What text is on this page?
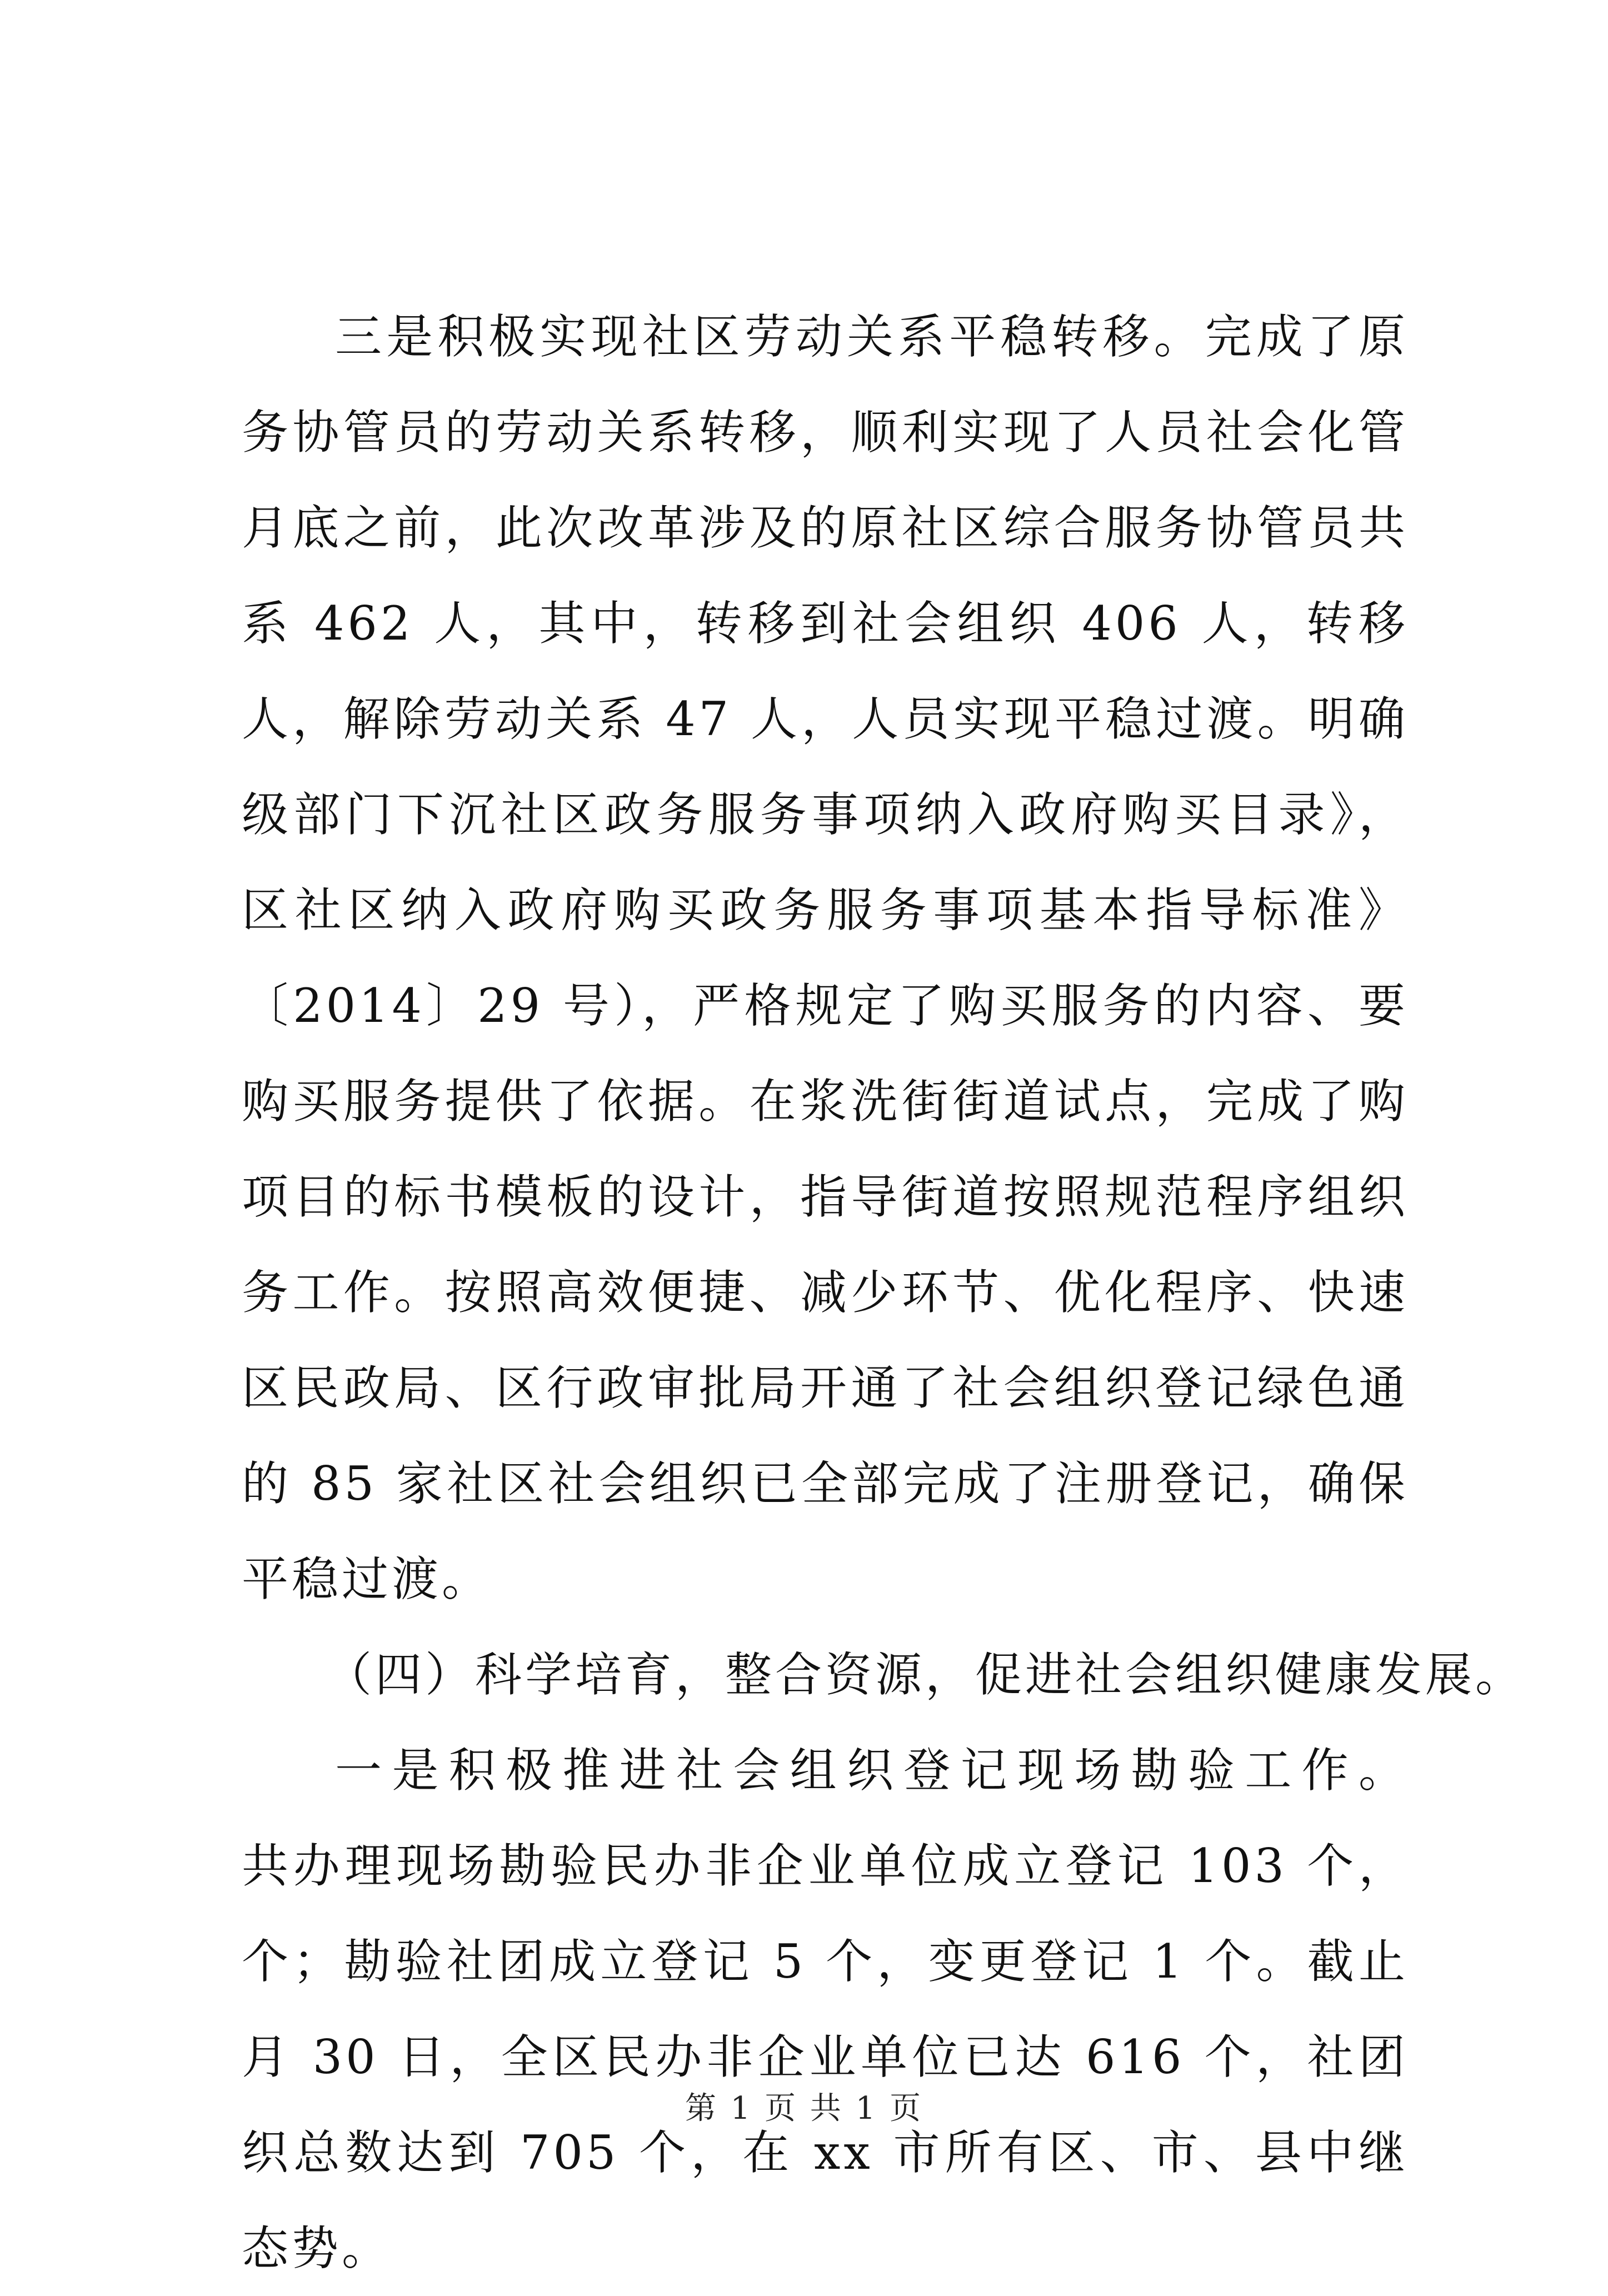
三是积极实现社区劳动关系平稳转移。完成了原
务协管员的劳动关系转移，顺利实现了人员社会化管
月底之前，此次改革涉及的原社区综合服务协管员共
系 462 人，其中，转移到社会组织 406 人，转移
人，解除劳动关系 47 人，人员实现平稳过渡。明确
级部门下沉社区政务服务事项纳入政府购买目录》，
区社区纳入政府购买政务服务事项基本指导标准》
〔2014〕29 号），严格规定了购买服务的内容、要
购买服务提供了依据。在浆洗街街道试点，完成了购
项目的标书模板的设计，指导街道按照规范程序组织
务工作。按照高效便捷、减少环节、优化程序、快速
区民政局、区行政审批局开通了社会组织登记绿色通
的 85 家社区社会组织已全部完成了注册登记，确保
平稳过渡。
（四）科学培育，整合资源，促进社会组织健康发展。
一是积极推进社会组织登记现场勘验工作。
共办理现场勘验民办非企业单位成立登记 103 个，
个；勘验社团成立登记 5 个，变更登记 1 个。截止
月 30 日，全区民办非企业单位已达 616 个，社团
织总数达到 705 个，在 xx 市所有区、市、县中继
态势。
第 1 页 共 1 页
